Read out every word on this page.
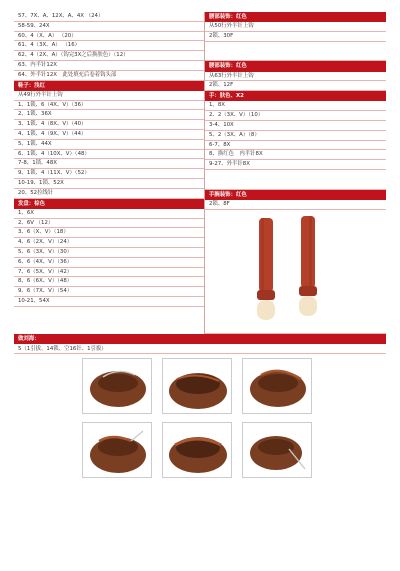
57、7X、A、12X、A、4X （24）
58-59、24X
60、4（X、A） （20）
61、4（3X、A） （16）
62、4（2X、A）（钩完3X之后换肤色）（12）
63、内半针12X
64、外半针12X　此处填充后卷着钩头部
鞋子：浅红
从49行外半针上钩
1、1锁、6（4X、V）（36）
2、1锁、36X
3、1锁、4（8X、V）（40）
4、1锁、4（9X、V）（44）
5、1锁、44X
6、1锁、4（10X、V）（48）
7-8、1锁、48X
9、1锁、4（11X、V）（52）
10-19、1锁、52X
20、52拉线针
发盘：棕色
1、6X
2、6V （12）
3、6（X、V）（18）
4、6（2X、V）（24）
5、6（3X、V）（30）
6、6（4X、V）（36）
7、6（5X、V）（42）
8、6（6X、V）（48）
9、6（7X、V）（54）
10-21、54X
腰部装饰：红色
从50行外半针上钩
2锁、30F
腰部装饰：红色
从63行外半针上钩
2锁、12F
手：肤色、X2
1、8X
2、2（3X、V）（10）
3-4、10X
5、2（3X、A）（8）
6-7、8X
8、换红色　内半针8X
9-27、外半针8X
手腕装饰：红色
2锁、8F
做刘海：
5（1引拔、14锁、空16针、1引拔）
